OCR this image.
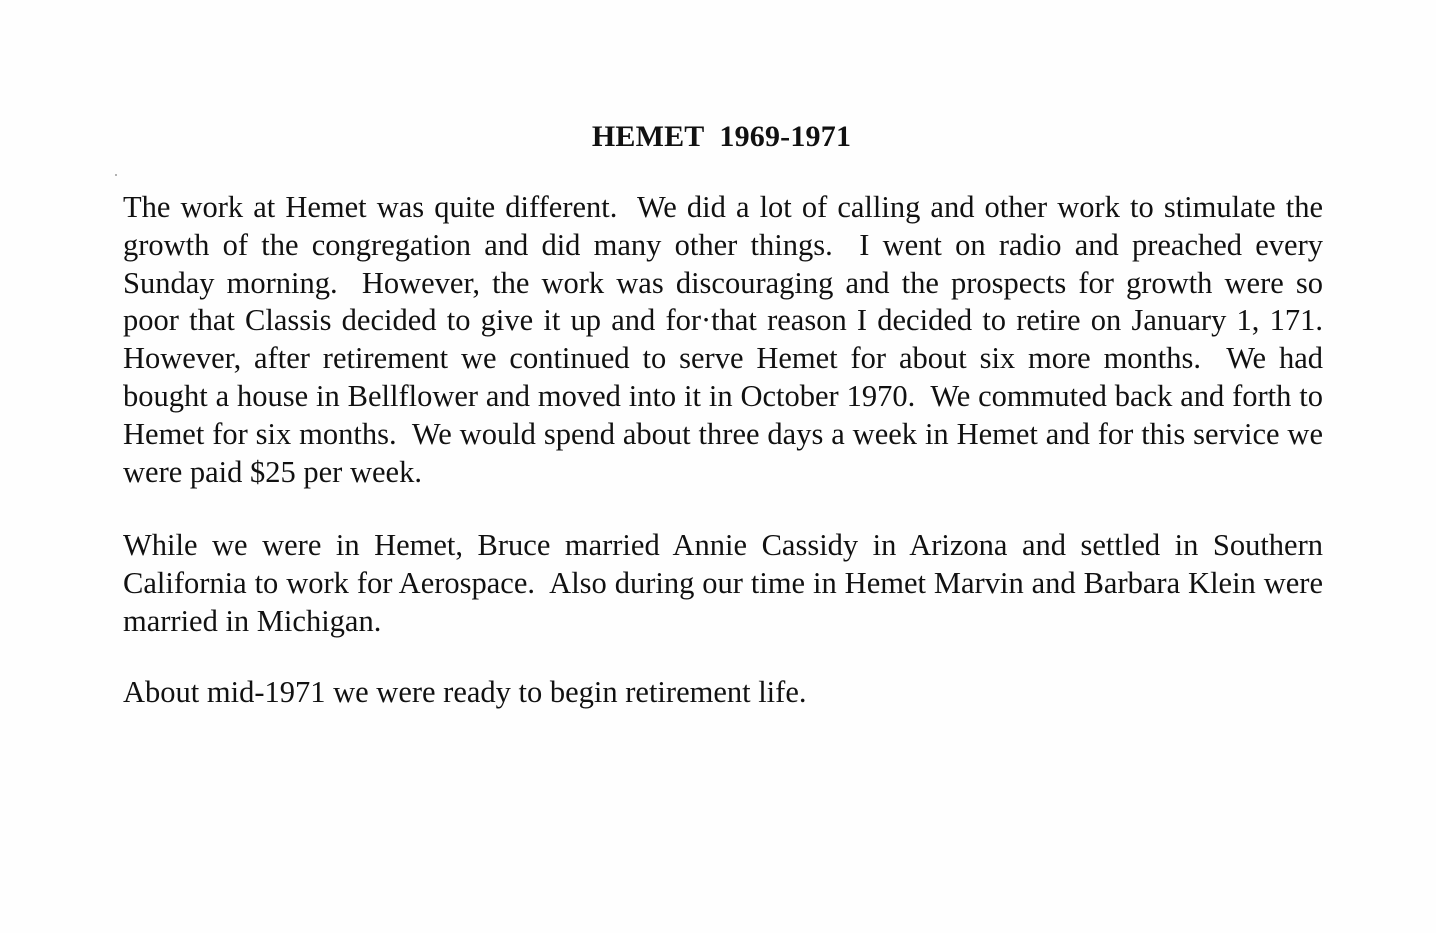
HEMET  1969-1971

The work at Hemet was quite different.  We did a lot of calling and other work to stimulate the growth of the congregation and did many other things.  I went on radio and preached every Sunday morning.  However, the work was discouraging and the prospects for growth were so poor that Classis decided to give it up and for·that reason I decided to retire on January 1, 171.  However, after retirement we continued to serve Hemet for about six more months.  We had bought a house in Bellflower and moved into it in October 1970.  We commuted back and forth to Hemet for six months.  We would spend about three days a week in Hemet and for this service we were paid $25 per week.

While we were in Hemet, Bruce married Annie Cassidy in Arizona and settled in Southern California to work for Aerospace.  Also during our time in Hemet Marvin and Barbara Klein were married in Michigan.

About mid-1971 we were ready to begin retirement life.
